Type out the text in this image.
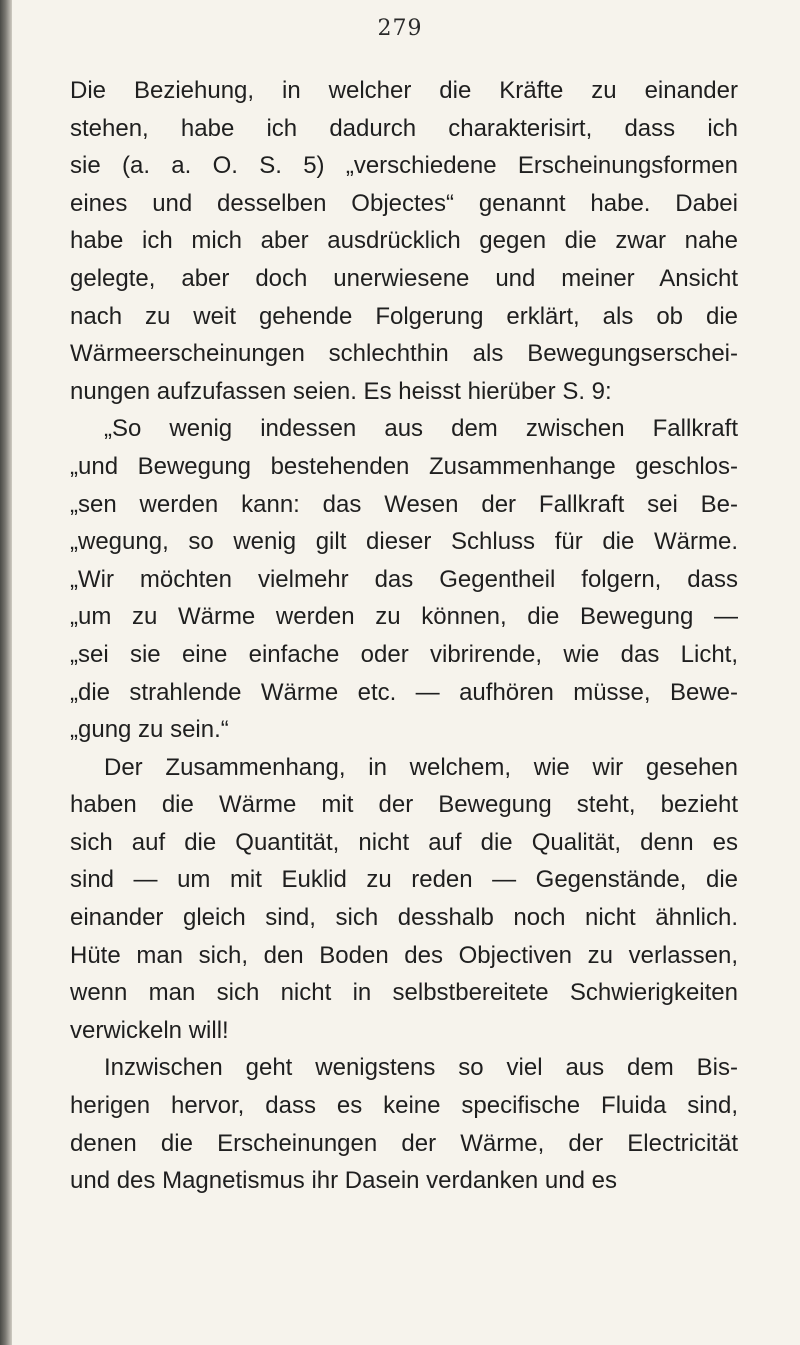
279
Die Beziehung, in welcher die Kräfte zu einander
stehen, habe ich dadurch charakterisirt, dass ich
sie (a. a. O. S. 5) „verschiedene Erscheinungsformen
eines und desselben Objectes“ genannt habe. Dabei
habe ich mich aber ausdrücklich gegen die zwar nahe
gelegte, aber doch unerwiesene und meiner Ansicht
nach zu weit gehende Folgerung erklärt, als ob die
Wärmeerscheinungen schlechthin als Bewegungserschei-
nungen aufzufassen seien. Es heisst hierüber S. 9:
„So wenig indessen aus dem zwischen Fallkraft
„und Bewegung bestehenden Zusammenhange geschlos-
„sen werden kann: das Wesen der Fallkraft sei Be-
„wegung, so wenig gilt dieser Schluss für die Wärme.
„Wir möchten vielmehr das Gegentheil folgern, dass
„um zu Wärme werden zu können, die Bewegung —
„sei sie eine einfache oder vibrirende, wie das Licht,
„die strahlende Wärme etc. — aufhören müsse, Bewe-
„gung zu sein.“
Der Zusammenhang, in welchem, wie wir gesehen
haben die Wärme mit der Bewegung steht, bezieht
sich auf die Quantität, nicht auf die Qualität, denn es
sind — um mit Euklid zu reden — Gegenstände, die
einander gleich sind, sich desshalb noch nicht ähnlich.
Hüte man sich, den Boden des Objectiven zu verlassen,
wenn man sich nicht in selbstbereitete Schwierigkeiten
verwickeln will!
Inzwischen geht wenigstens so viel aus dem Bis-
herigen hervor, dass es keine specifische Fluida sind,
denen die Erscheinungen der Wärme, der Electricität
und des Magnetismus ihr Dasein verdanken und es
